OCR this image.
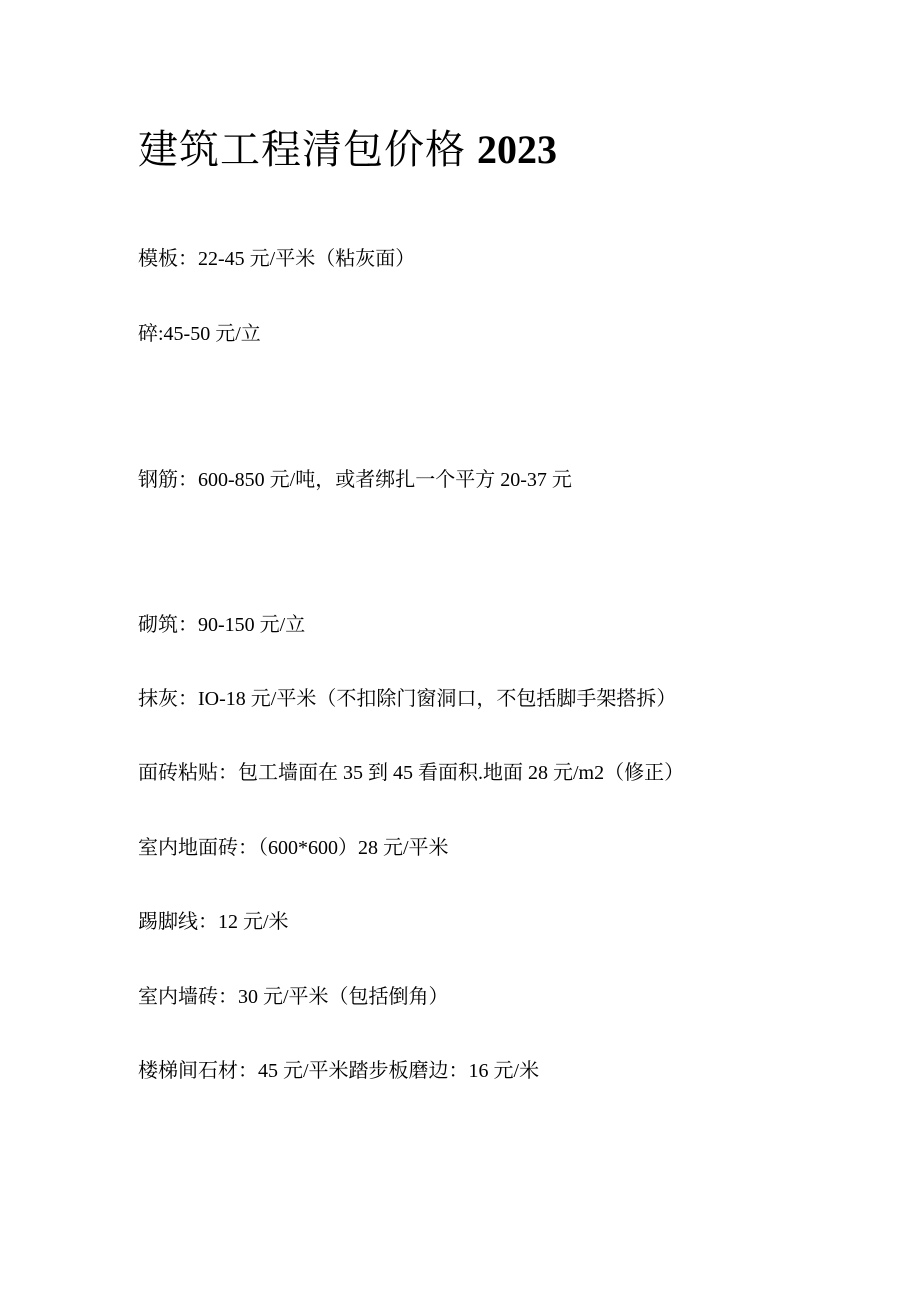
建筑工程清包价格 2023
模板：22-45 元/平米（粘灰面）
碎:45-50 元/立
钢筋：600-850 元/吨，或者绑扎一个平方 20-37 元
砌筑：90-150 元/立
抹灰：IO-18 元/平米（不扣除门窗洞口，不包括脚手架搭拆）
面砖粘贴：包工墙面在 35 到 45 看面积.地面 28 元/m2（修正）
室内地面砖：（600*600）28 元/平米
踢脚线：12 元/米
室内墙砖：30 元/平米（包括倒角）
楼梯间石材：45 元/平米踏步板磨边：16 元/米
